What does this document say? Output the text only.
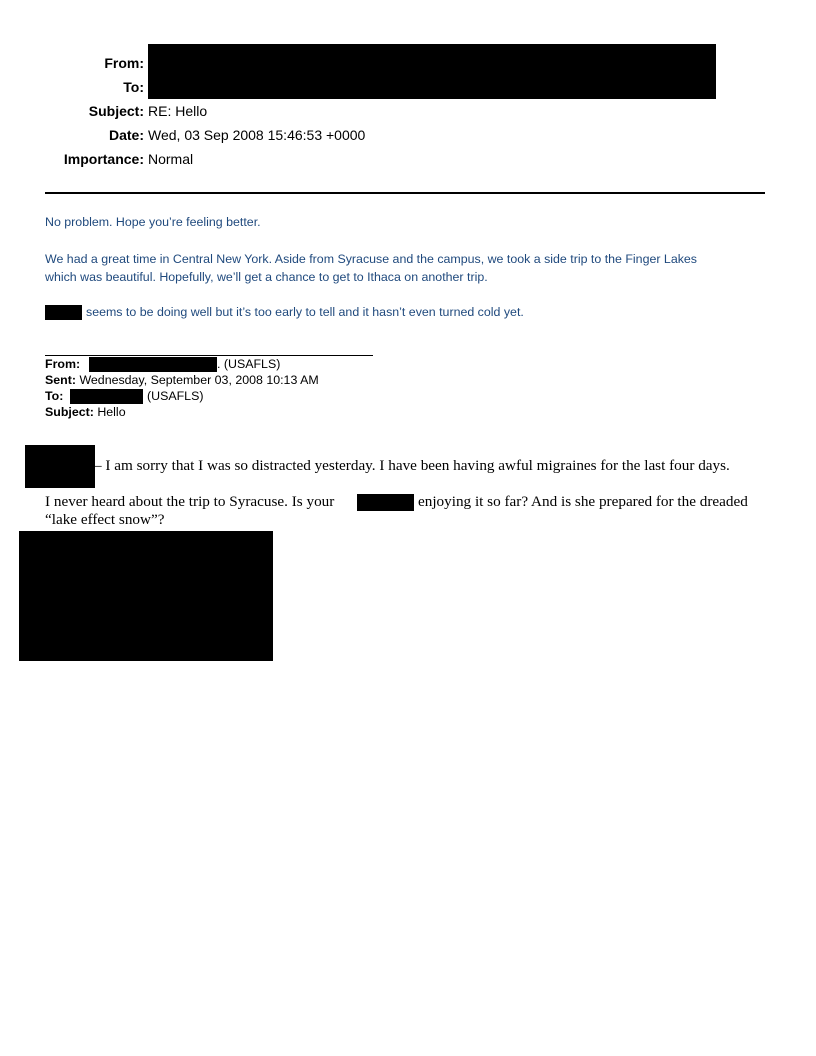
From:
To:
Subject: RE: Hello
Date: Wed, 03 Sep 2008 15:46:53 +0000
Importance: Normal
No problem. Hope you’re feeling better.
We had a great time in Central New York. Aside from Syracuse and the campus, we took a side trip to the Finger Lakes
which was beautiful. Hopefully, we’ll get a chance to get to Ithaca on another trip.
seems to be doing well but it’s too early to tell and it hasn’t even turned cold yet.
From:	. (USAFLS)
Sent: Wednesday, September 03, 2008 10:13 AM
To:	(USAFLS)
Subject: Hello
– I am sorry that I was so distracted yesterday. I have been having awful migraines for the last four days.
I never heard about the trip to Syracuse. Is your	enjoying it so far? And is she prepared for the dreaded
“lake effect snow”?
